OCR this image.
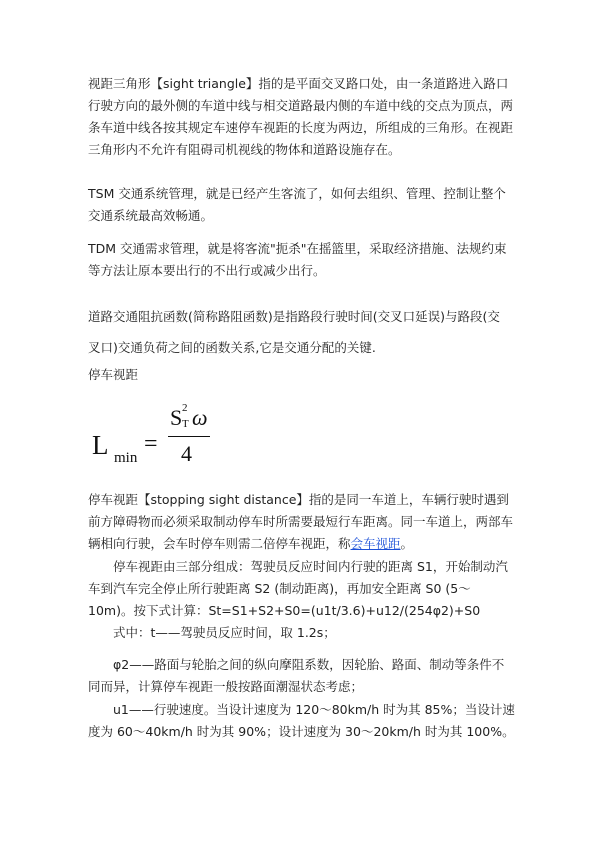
视距三角形【sight triangle】指的是平面交叉路口处，由一条道路进入路口行驶方向的最外侧的车道中线与相交道路最内侧的车道中线的交点为顶点，两条车道中线各按其规定车速停车视距的长度为两边，所组成的三角形。在视距三角形内不允许有阻碍司机视线的物体和道路设施存在。

TSM 交通系统管理，就是已经产生客流了，如何去组织、管理、控制让整个交通系统最高效畅通。

TDM 交通需求管理，就是将客流"扼杀"在摇篮里，采取经济措施、法规约束等方法让原本要出行的不出行或减少出行。

道路交通阻抗函数(简称路阻函数)是指路段行驶时间(交叉口延误)与路段(交

叉口)交通负荷之间的函数关系,它是交通分配的关键.

停车视距

L min
=
S 2
T ω
4

停车视距【stopping sight distance】指的是同一车道上，车辆行驶时遇到前方障碍物而必须采取制动停车时所需要最短行车距离。同一车道上，两部车辆相向行驶，会车时停车则需二倍停车视距，称会车视距。

停车视距由三部分组成：驾驶员反应时间内行驶的距离 S1，开始制动汽车到汽车完全停止所行驶距离 S2 (制动距离)，再加安全距离 S0 (5～10m)。按下式计算：St=S1+S2+S0=(u1t/3.6)+u12/(254φ2)+S0

式中：t——驾驶员反应时间，取 1.2s；

φ2——路面与轮胎之间的纵向摩阻系数，因轮胎、路面、制动等条件不同而异，计算停车视距一般按路面潮湿状态考虑；

u1——行驶速度。当设计速度为 120～80km/h 时为其 85%；当设计速度为 60～40km/h 时为其 90%；设计速度为 30～20km/h 时为其 100%。
